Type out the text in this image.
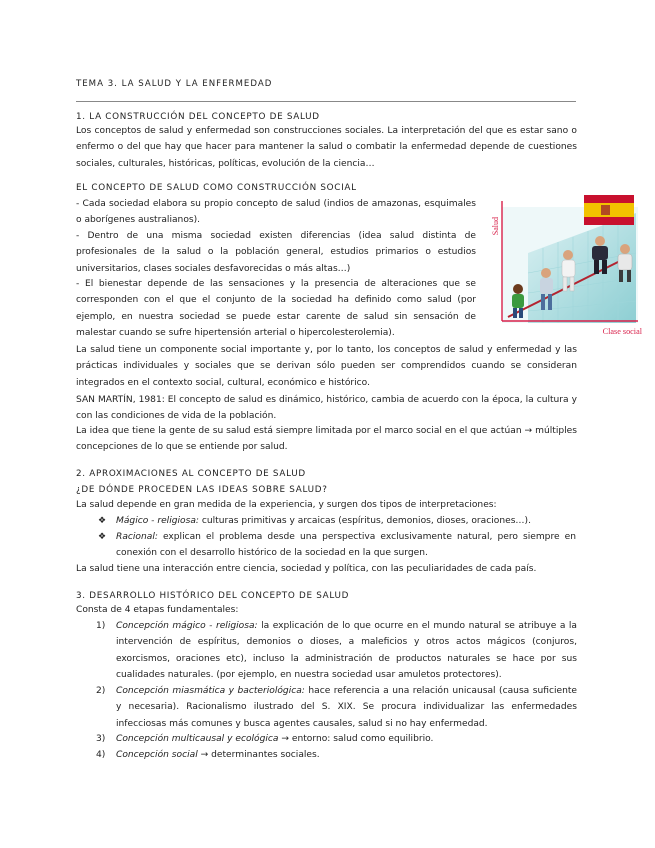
TEMA 3. LA SALUD Y LA ENFERMEDAD
1. LA CONSTRUCCIÓN DEL CONCEPTO DE SALUD
Los conceptos de salud y enfermedad son construcciones sociales. La interpretación del que es estar sano o enfermo o del que hay que hacer para mantener la salud o combatir la enfermedad depende de cuestiones sociales, culturales, históricas, políticas, evolución de la ciencia…
EL CONCEPTO DE SALUD COMO CONSTRUCCIÓN SOCIAL
- Cada sociedad elabora su propio concepto de salud (indios de amazonas, esquimales o aborígenes australianos).
- Dentro de una misma sociedad existen diferencias (idea salud distinta de profesionales de la salud o la población general, estudios primarios o estudios universitarios, clases sociales desfavorecidas o más altas…)
- El bienestar depende de las sensaciones y la presencia de alteraciones que se corresponden con el que el conjunto de la sociedad ha definido como salud (por ejemplo, en nuestra sociedad se puede estar carente de salud sin sensación de malestar cuando se sufre hipertensión arterial o hipercolesterolemia).
La salud tiene un componente social importante y, por lo tanto, los conceptos de salud y enfermedad y las prácticas individuales y sociales que se derivan sólo pueden ser comprendidos cuando se consideran integrados en el contexto social, cultural, económico e histórico.
SAN MARTÍN, 1981: El concepto de salud es dinámico, histórico, cambia de acuerdo con la época, la cultura y con las condiciones de vida de la población.
La idea que tiene la gente de su salud está siempre limitada por el marco social en el que actúan → múltiples concepciones de lo que se entiende por salud.
Salud
Clase social
2. APROXIMACIONES AL CONCEPTO DE SALUD
¿DE DÓNDE PROCEDEN LAS IDEAS SOBRE SALUD?
La salud depende en gran medida de la experiencia, y surgen dos tipos de interpretaciones:
❖ Mágico - religiosa: culturas primitivas y arcaicas (espíritus, demonios, dioses, oraciones…).
❖ Racional: explican el problema desde una perspectiva exclusivamente natural, pero siempre en conexión con el desarrollo histórico de la sociedad en la que surgen.
La salud tiene una interacción entre ciencia, sociedad y política, con las peculiaridades de cada país.
3. DESARROLLO HISTÓRICO DEL CONCEPTO DE SALUD
Consta de 4 etapas fundamentales:
1) Concepción mágico - religiosa: la explicación de lo que ocurre en el mundo natural se atribuye a la intervención de espíritus, demonios o dioses, a maleficios y otros actos mágicos (conjuros, exorcismos, oraciones etc), incluso la administración de productos naturales se hace por sus cualidades naturales. (por ejemplo, en nuestra sociedad usar amuletos protectores).
2) Concepción miasmática y bacteriológica: hace referencia a una relación unicausal (causa suficiente y necesaria). Racionalismo ilustrado del S. XIX. Se procura individualizar las enfermedades infecciosas más comunes y busca agentes causales, salud si no hay enfermedad.
3) Concepción multicausal y ecológica → entorno: salud como equilibrio.
4) Concepción social → determinantes sociales.
